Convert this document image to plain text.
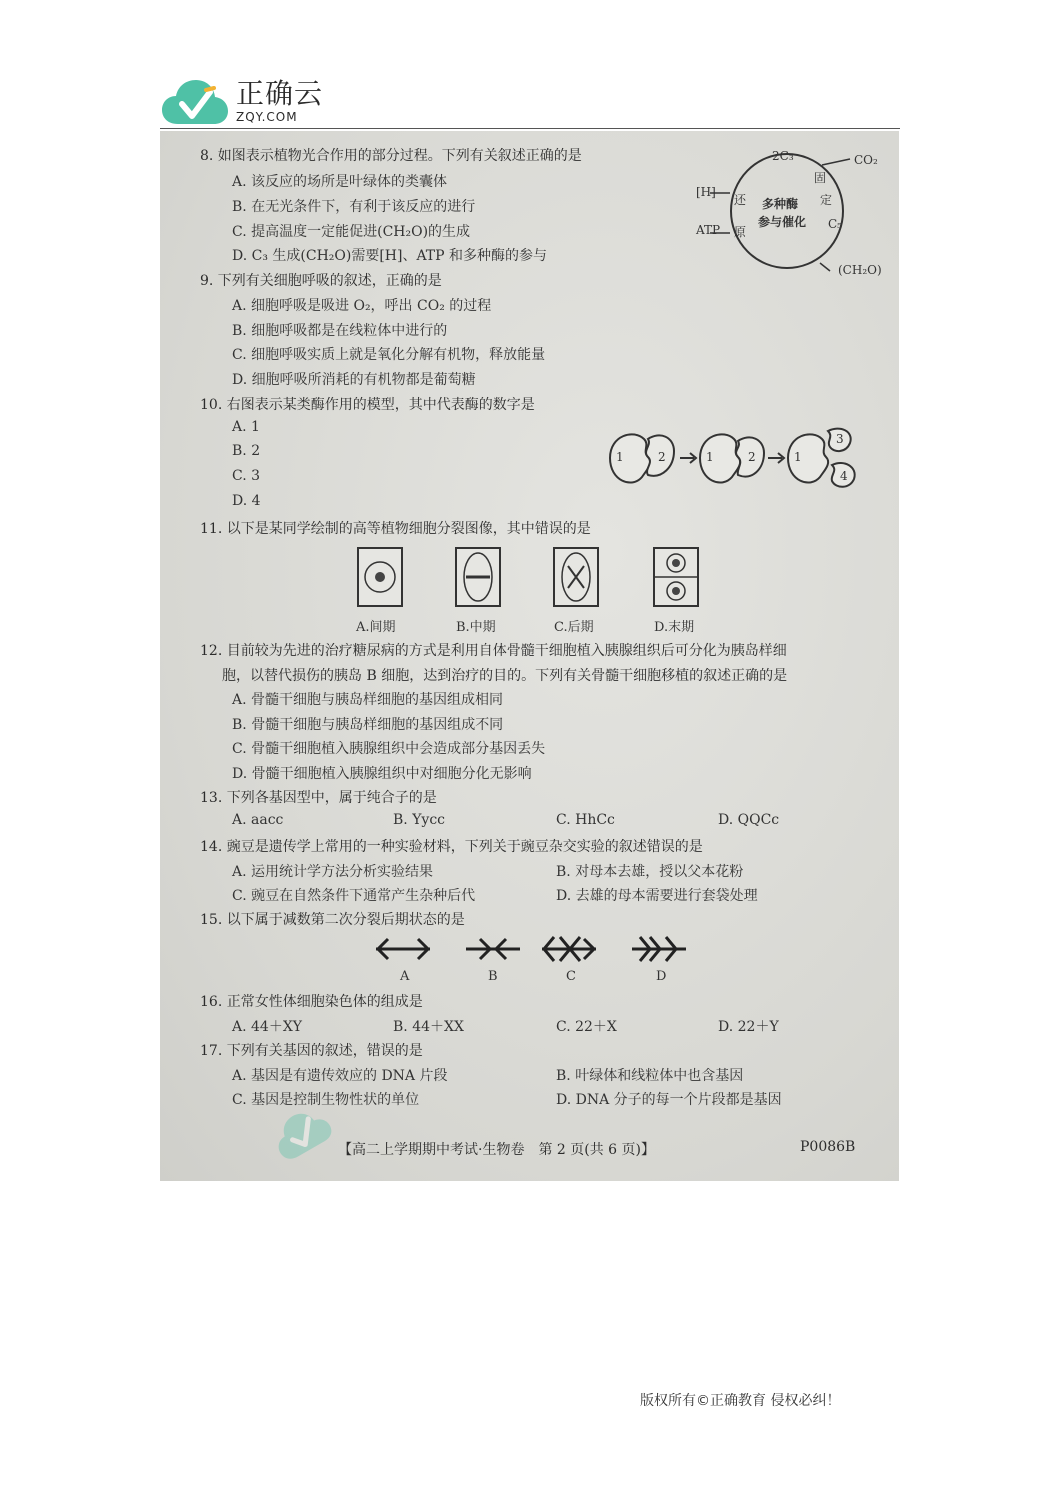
正确云
ZQY.COM
8. 如图表示植物光合作用的部分过程。下列有关叙述正确的是
A. 该反应的场所是叶绿体的类囊体
B. 在无光条件下，有利于该反应的进行
C. 提高温度一定能促进(CH₂O)的生成
D. C₃ 生成(CH₂O)需要[H]、ATP 和多种酶的参与
2C₃	CO₂
[H]
ATP
还
原
固
定
C₅
多种酶
参与催化
(CH₂O)
9. 下列有关细胞呼吸的叙述，正确的是
A. 细胞呼吸是吸进 O₂，呼出 CO₂ 的过程
B. 细胞呼吸都是在线粒体中进行的
C. 细胞呼吸实质上就是氧化分解有机物，释放能量
D. 细胞呼吸所消耗的有机物都是葡萄糖
10. 右图表示某类酶作用的模型，其中代表酶的数字是
A. 1
B. 2
C. 3
D. 4
1	2	1	2	1
3
4
11. 以下是某同学绘制的高等植物细胞分裂图像，其中错误的是
A.间期	B.中期	C.后期	D.末期
12. 目前较为先进的治疗糖尿病的方式是利用自体骨髓干细胞植入胰腺组织后可分化为胰岛样细
胞，以替代损伤的胰岛 B 细胞，达到治疗的目的。下列有关骨髓干细胞移植的叙述正确的是
A. 骨髓干细胞与胰岛样细胞的基因组成相同
B. 骨髓干细胞与胰岛样细胞的基因组成不同
C. 骨髓干细胞植入胰腺组织中会造成部分基因丢失
D. 骨髓干细胞植入胰腺组织中对细胞分化无影响
13. 下列各基因型中，属于纯合子的是
A. aacc	B. Yycc	C. HhCc	D. QQCc
14. 豌豆是遗传学上常用的一种实验材料，下列关于豌豆杂交实验的叙述错误的是
A. 运用统计学方法分析实验结果	B. 对母本去雄，授以父本花粉
C. 豌豆在自然条件下通常产生杂种后代	D. 去雄的母本需要进行套袋处理
15. 以下属于减数第二次分裂后期状态的是
A	B	C	D
16. 正常女性体细胞染色体的组成是
A. 44＋XY	B. 44＋XX	C. 22＋X	D. 22＋Y
17. 下列有关基因的叙述，错误的是
A. 基因是有遗传效应的 DNA 片段	B. 叶绿体和线粒体中也含基因
C. 基因是控制生物性状的单位	D. DNA 分子的每一个片段都是基因
【高二上学期期中考试·生物卷　第 2 页(共 6 页)】	P0086B
版权所有©正确教育 侵权必纠！
